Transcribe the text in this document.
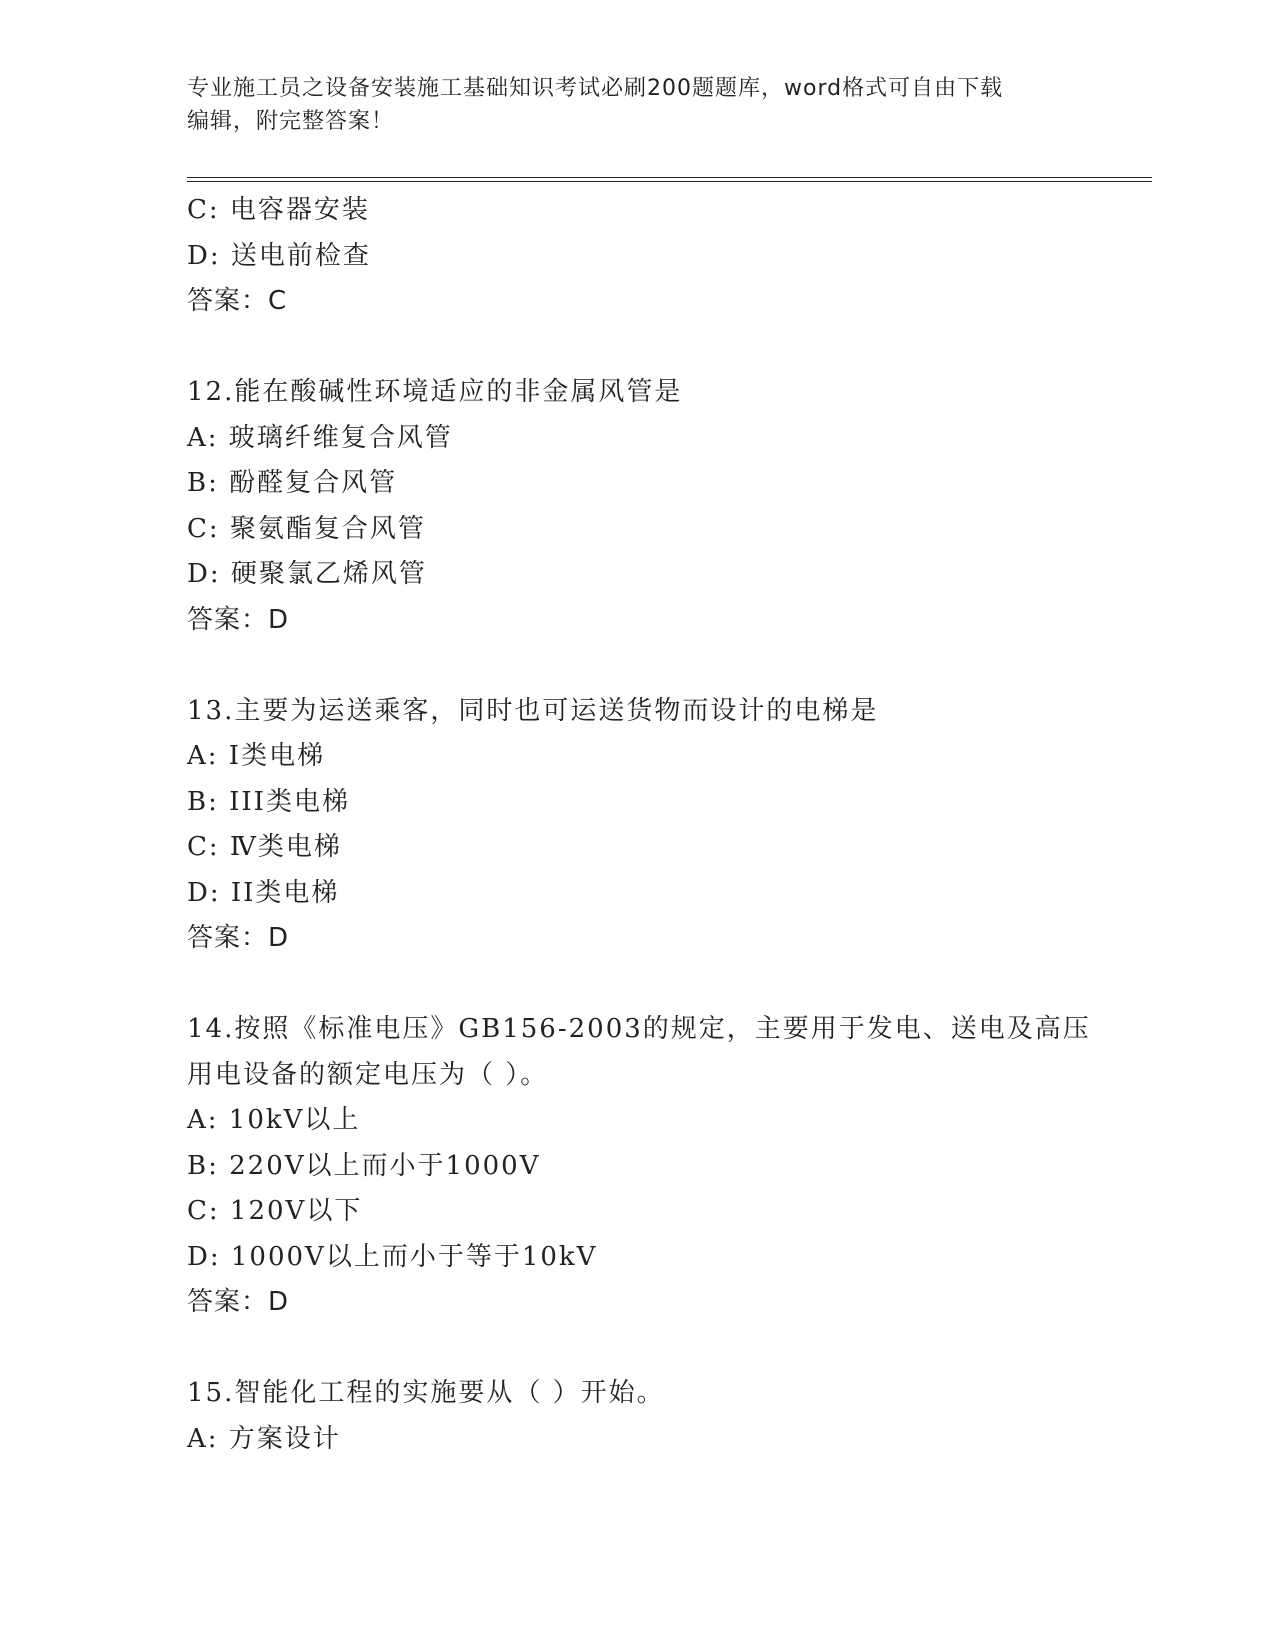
专业施工员之设备安装施工基础知识考试必刷200题题库，word格式可自由下载
编辑，附完整答案！
C: 电容器安装
D: 送电前检查
答案：C
12.能在酸碱性环境适应的非金属风管是
A: 玻璃纤维复合风管
B: 酚醛复合风管
C: 聚氨酯复合风管
D: 硬聚氯乙烯风管
答案：D
13.主要为运送乘客，同时也可运送货物而设计的电梯是
A: I类电梯
B: III类电梯
C: Ⅳ类电梯
D: II类电梯
答案：D
14.按照《标准电压》GB156-2003的规定，主要用于发电、送电及高压
用电设备的额定电压为（ ）。
A: 10kV以上
B: 220V以上而小于1000V
C: 120V以下
D: 1000V以上而小于等于10kV
答案：D
15.智能化工程的实施要从（ ）开始。
A: 方案设计
